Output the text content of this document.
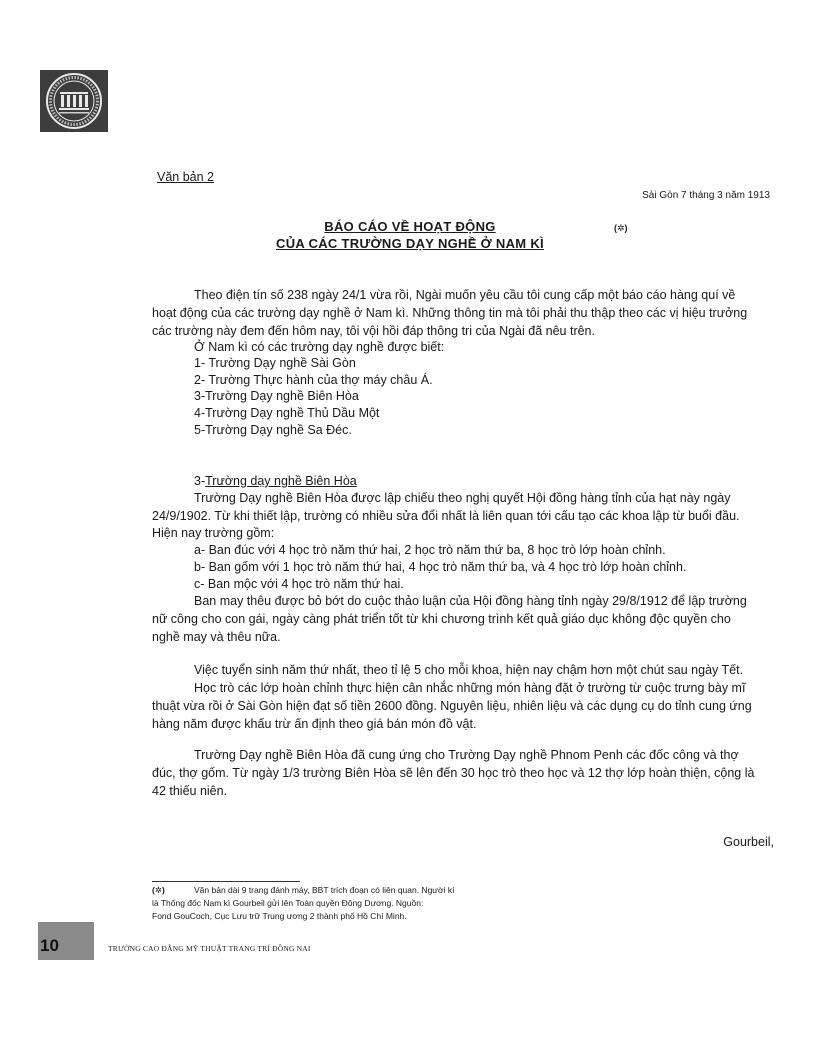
Văn bản 2
Sài Gòn 7 tháng 3 năm 1913
BÁO CÁO VỀ HOẠT ĐỘNG
CỦA CÁC TRƯỜNG DẠY NGHỀ Ở NAM KÌ
(✲)
Theo điện tín số 238 ngày 24/1 vừa rồi, Ngài muốn yêu cầu tôi cung cấp một báo cáo hàng quí về
hoạt động của các trường dạy nghề ở Nam kì. Những thông tin mà tôi phải thu thập theo các vị hiệu trưởng
các trường này đem đến hôm nay, tôi vội hồi đáp thông tri của Ngài đã nêu trên.
Ở Nam kì có các trường dạy nghề được biết:
1- Trường Dạy nghề Sài Gòn
2- Trường Thực hành của thợ máy châu Á.
3-Trường Dạy nghề Biên Hòa
4-Trường Dạy nghề Thủ Dầu Một
5-Trường Dạy nghề Sa Đéc.
3-Trường dạy nghề Biên Hòa
Trường Dạy nghề Biên Hòa được lập chiếu theo nghị quyết Hội đồng hàng tỉnh của hạt này ngày
24/9/1902. Từ khi thiết lập, trường có nhiều sửa đổi nhất là liên quan tới cấu tạo các khoa lập từ buổi đầu.
Hiện nay trường gồm:
a- Ban đúc với 4 học trò năm thứ hai, 2 học trò năm thứ ba, 8 học trò lớp hoàn chỉnh.
b- Ban gốm với 1 học trò năm thứ hai, 4 học trò năm thứ ba, và 4 học trò lớp hoàn chỉnh.
c- Ban mộc với 4 học trò năm thứ hai.
Ban may thêu được bỏ bớt do cuộc thảo luận của Hội đồng hàng tỉnh ngày 29/8/1912 để lập trường
nữ công cho con gái, ngày càng phát triển tốt từ khi chương trình kết quả giáo dục không độc quyền cho
nghề may và thêu nữa.
Việc tuyển sinh năm thứ nhất, theo tỉ lệ 5 cho mỗi khoa, hiện nay chậm hơn một chút sau ngày Tết.
Học trò các lớp hoàn chỉnh thực hiện cân nhắc những món hàng đặt ở trường từ cuộc trưng bày mĩ
thuật vừa rồi ở Sài Gòn hiện đạt số tiền 2600 đồng. Nguyên liệu, nhiên liệu và các dụng cụ do tỉnh cung ứng
hàng năm được khấu trừ ấn định theo giá bán món đồ vật.
Trường Dạy nghề Biên Hòa đã cung ứng cho Trường Dạy nghề Phnom Penh các đốc công và thợ
đúc, thợ gốm. Từ ngày 1/3 trường Biên Hòa sẽ lên đến 30 học trò theo học và 12 thợ lớp hoàn thiện, cộng là
42 thiếu niên.
Gourbeil,
(✲)	Văn bản dài 9 trang đánh máy, BBT trích đoạn có liên quan. Người kí
là Thống đốc Nam kì Gourbeil gửi lên Toàn quyền Đông Dương. Nguồn:
Fond GouCoch, Cục Lưu trữ Trung ương 2 thành phố Hồ Chí Minh.
10	TRƯỜNG CAO ĐẲNG MỸ THUẬT TRANG TRÍ ĐỒNG NAI
